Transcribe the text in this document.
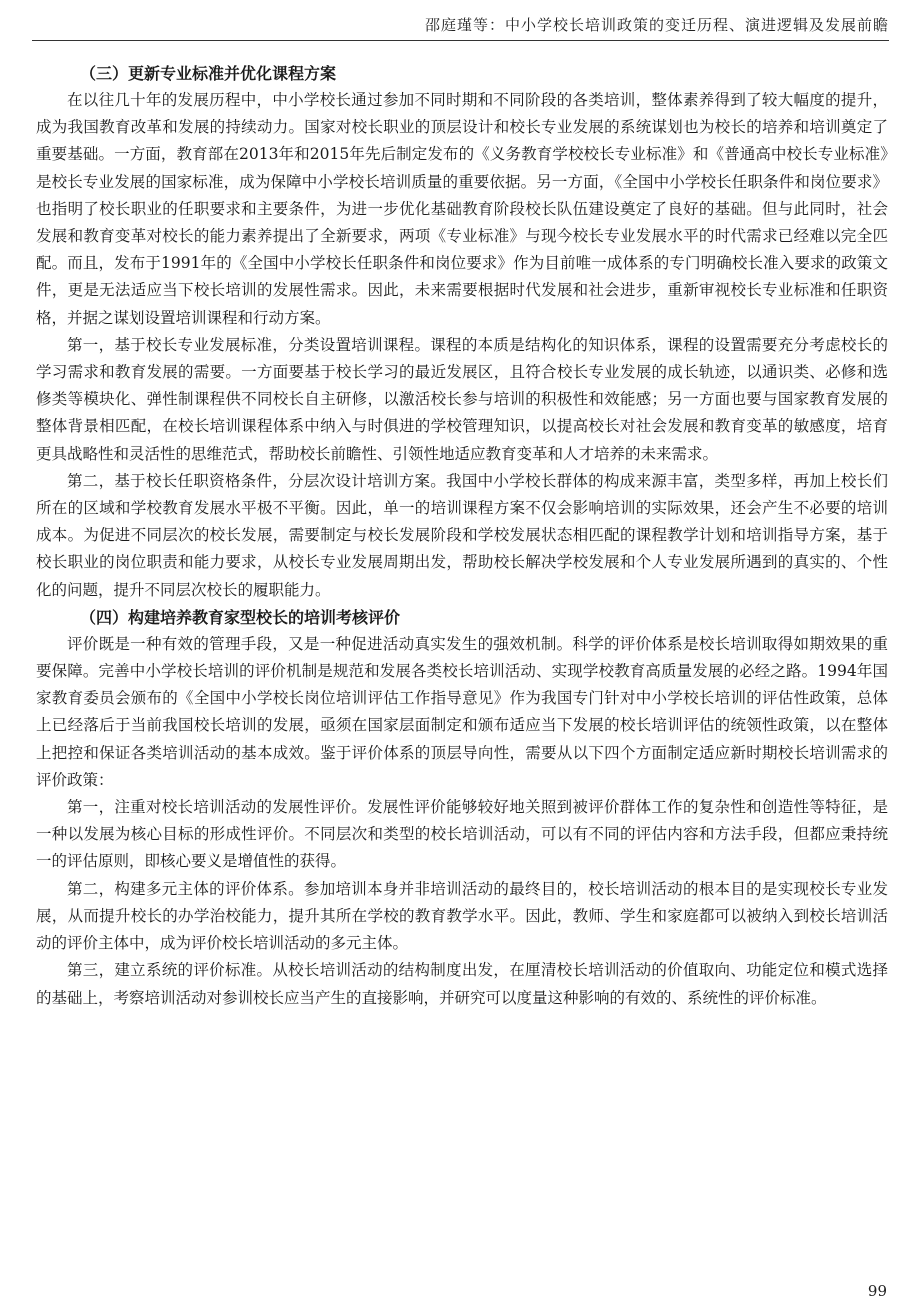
邵庭瑾等：中小学校长培训政策的变迁历程、演进逻辑及发展前瞻
（三）更新专业标准并优化课程方案

在以往几十年的发展历程中，中小学校长通过参加不同时期和不同阶段的各类培训，整体素养得到了较大幅度的提升，成为我国教育改革和发展的持续动力。国家对校长职业的顶层设计和校长专业发展的系统谋划也为校长的培养和培训奠定了重要基础。一方面，教育部在2013年和2015年先后制定发布的《义务教育学校校长专业标准》和《普通高中校长专业标准》是校长专业发展的国家标准，成为保障中小学校长培训质量的重要依据。另一方面，《全国中小学校长任职条件和岗位要求》也指明了校长职业的任职要求和主要条件，为进一步优化基础教育阶段校长队伍建设奠定了良好的基础。但与此同时，社会发展和教育变革对校长的能力素养提出了全新要求，两项《专业标准》与现今校长专业发展水平的时代需求已经难以完全匹配。而且，发布于1991年的《全国中小学校长任职条件和岗位要求》作为目前唯一成体系的专门明确校长准入要求的政策文件，更是无法适应当下校长培训的发展性需求。因此，未来需要根据时代发展和社会进步，重新审视校长专业标准和任职资格，并据之谋划设置培训课程和行动方案。

第一，基于校长专业发展标准，分类设置培训课程。课程的本质是结构化的知识体系，课程的设置需要充分考虑校长的学习需求和教育发展的需要。一方面要基于校长学习的最近发展区，且符合校长专业发展的成长轨迹，以通识类、必修和选修类等模块化、弹性制课程供不同校长自主研修，以激活校长参与培训的积极性和效能感；另一方面也要与国家教育发展的整体背景相匹配，在校长培训课程体系中纳入与时俱进的学校管理知识，以提高校长对社会发展和教育变革的敏感度，培育更具战略性和灵活性的思维范式，帮助校长前瞻性、引领性地适应教育变革和人才培养的未来需求。

第二，基于校长任职资格条件，分层次设计培训方案。我国中小学校长群体的构成来源丰富，类型多样，再加上校长们所在的区域和学校教育发展水平极不平衡。因此，单一的培训课程方案不仅会影响培训的实际效果，还会产生不必要的培训成本。为促进不同层次的校长发展，需要制定与校长发展阶段和学校发展状态相匹配的课程教学计划和培训指导方案，基于校长职业的岗位职责和能力要求，从校长专业发展周期出发，帮助校长解决学校发展和个人专业发展所遇到的真实的、个性化的问题，提升不同层次校长的履职能力。

（四）构建培养教育家型校长的培训考核评价

评价既是一种有效的管理手段，又是一种促进活动真实发生的强效机制。科学的评价体系是校长培训取得如期效果的重要保障。完善中小学校长培训的评价机制是规范和发展各类校长培训活动、实现学校教育高质量发展的必经之路。1994年国家教育委员会颁布的《全国中小学校长岗位培训评估工作指导意见》作为我国专门针对中小学校长培训的评估性政策，总体上已经落后于当前我国校长培训的发展，亟须在国家层面制定和颁布适应当下发展的校长培训评估的统领性政策，以在整体上把控和保证各类培训活动的基本成效。鉴于评价体系的顶层导向性，需要从以下四个方面制定适应新时期校长培训需求的评价政策：

第一，注重对校长培训活动的发展性评价。发展性评价能够较好地关照到被评价群体工作的复杂性和创造性等特征，是一种以发展为核心目标的形成性评价。不同层次和类型的校长培训活动，可以有不同的评估内容和方法手段，但都应秉持统一的评估原则，即核心要义是增值性的获得。

第二，构建多元主体的评价体系。参加培训本身并非培训活动的最终目的，校长培训活动的根本目的是实现校长专业发展，从而提升校长的办学治校能力，提升其所在学校的教育教学水平。因此，教师、学生和家庭都可以被纳入到校长培训活动的评价主体中，成为评价校长培训活动的多元主体。

第三，建立系统的评价标准。从校长培训活动的结构制度出发，在厘清校长培训活动的价值取向、功能定位和模式选择的基础上，考察培训活动对参训校长应当产生的直接影响，并研究可以度量这种影响的有效的、系统性的评价标准。

99
